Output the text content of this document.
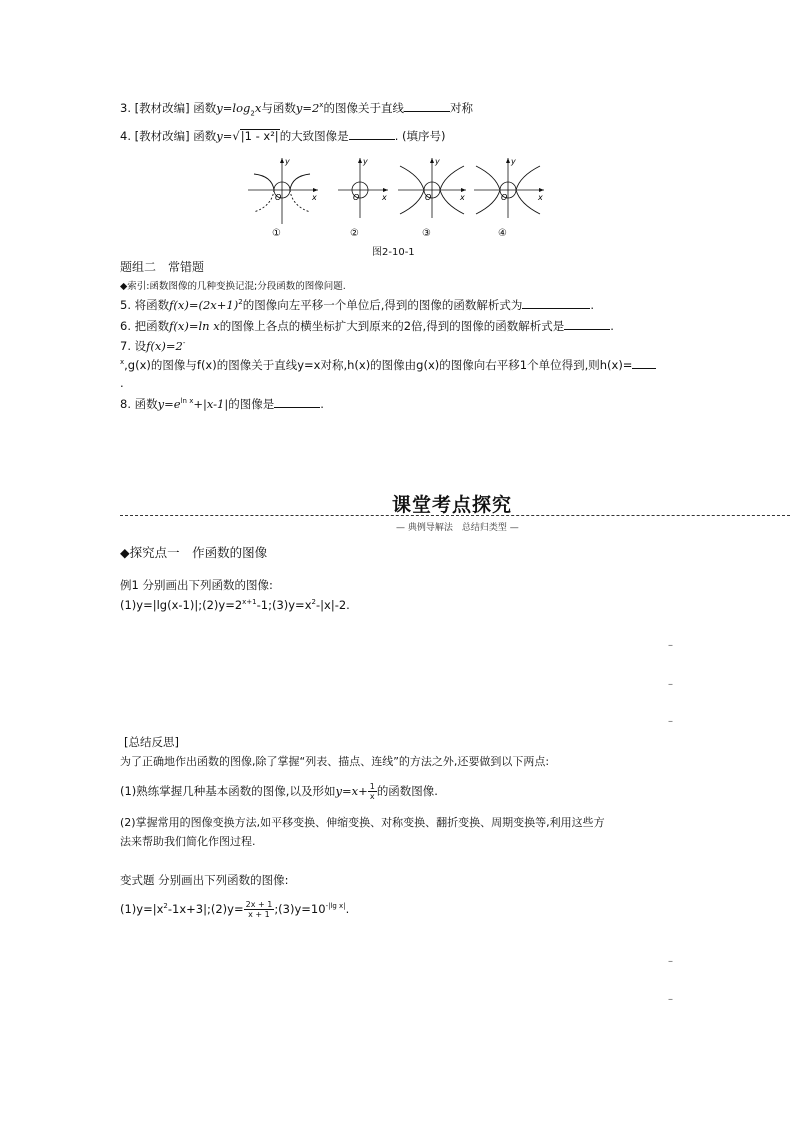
3. [教材改编] 函数$y=\log_2x$与函数$y=2^x$的图像关于直线	对称
4. [教材改编] 函数y=√|1 - x²|的大致图像是	. (填序号)
y
x
O
①
y
x
O
②
y
x
O
③
y
x
O
④
图2-10-1
题组二　常错题
◆索引:函数图像的几种变换记混;分段函数的图像问题.
5. 将函数$f(x)=(2x+1)^2$的图像向左平移一个单位后,得到的图像的函数解析式为	.
6. 把函数f(x)=ln x的图像上各点的横坐标扩大到原来的2倍,得到的图像的函数解析式是	.
7. 设f(x)=2-
$^x$,g(x)的图像与f(x)的图像关于直线y=x对称,h(x)的图像由g(x)的图像向右平移1个单位得到,则h(x)=
.
8. 函数$y=e^{ln x}+|x-1|$的图像是	.
课堂考点探究
— 典例导解法　总结归类型 —
◆探究点一　作函数的图像
例1 分别画出下列函数的图像:
$(1)y=|\lg(x-1)|;(2)y=2^{x+1}-1;(3)y=x^2-|x|-2$.
–
–
–
[总结反思]
为了正确地作出函数的图像,除了掌握“列表、描点、连线”的方法之外,还要做到以下两点:
(1)熟练掌握几种基本函数的图像,以及形如$y=x+ \frac{1}{x}$ 的函数图像.
(2)掌握常用的图像变换方法,如平移变换、伸缩变换、对称变换、翻折变换、周期变换等,利用这些方
法来帮助我们简化作图过程.
变式题 分别画出下列函数的图像:
$(1)y=|x^2-1x+3|;(2)y= \frac{2x + 1}{x + 1}$ $;(3)y=10^{-|lg x|}$.
–
–
